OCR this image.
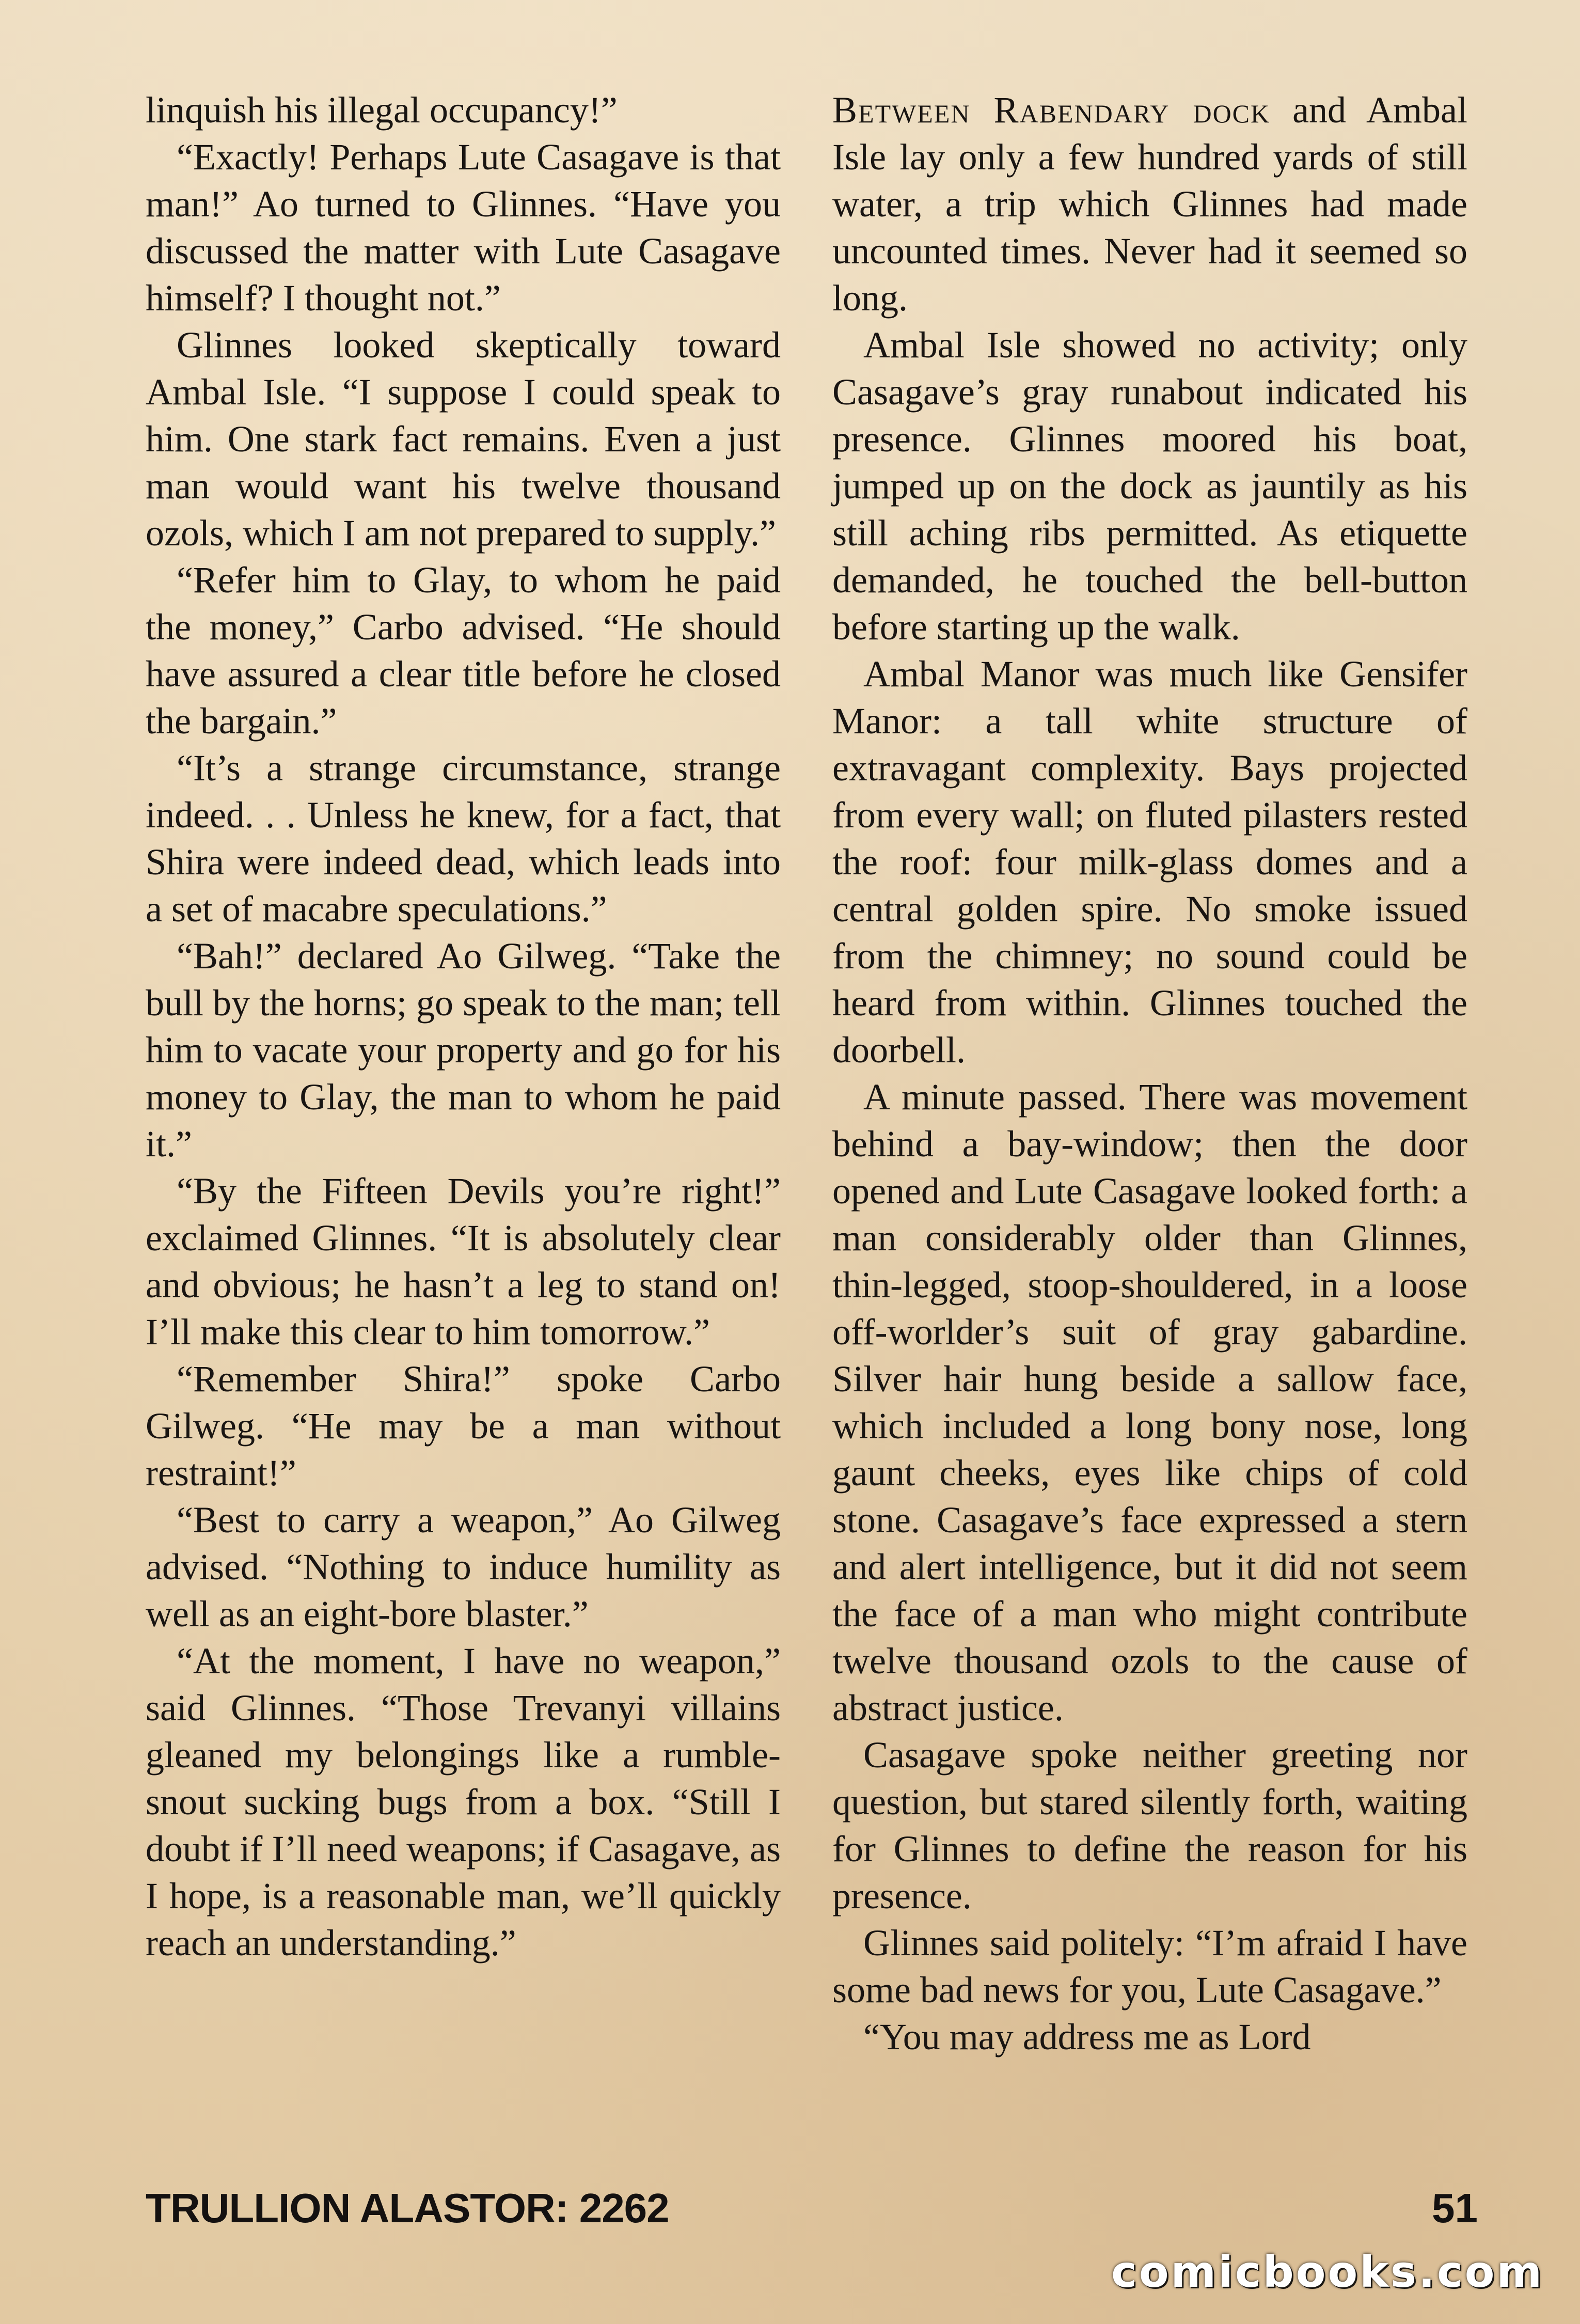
linquish his illegal occupancy!”

“Exactly! Perhaps Lute Casagave is that man!” Ao turned to Glinnes. “Have you discussed the matter with Lute Casagave himself? I thought not.”

Glinnes looked skeptically toward Ambal Isle. “I suppose I could speak to him. One stark fact remains. Even a just man would want his twelve thousand ozols, which I am not prepared to supply.”

“Refer him to Glay, to whom he paid the money,” Carbo advised. “He should have assured a clear title before he closed the bargain.”

“It’s a strange circumstance, strange indeed. . . Unless he knew, for a fact, that Shira were indeed dead, which leads into a set of macabre speculations.”

“Bah!” declared Ao Gilweg. “Take the bull by the horns; go speak to the man; tell him to vacate your property and go for his money to Glay, the man to whom he paid it.”

“By the Fifteen Devils you’re right!” exclaimed Glinnes. “It is absolutely clear and obvious; he hasn’t a leg to stand on! I’ll make this clear to him tomorrow.”

“Remember Shira!” spoke Carbo Gilweg. “He may be a man without restraint!”

“Best to carry a weapon,” Ao Gilweg advised. “Nothing to induce humility as well as an eight-bore blaster.”

“At the moment, I have no weapon,” said Glinnes. “Those Trevanyi villains gleaned my belongings like a rumble-snout sucking bugs from a box. “Still I doubt if I’ll need weapons; if Casagave, as I hope, is a reasonable man, we’ll quickly reach an understanding.”

Between Rabendary dock and Ambal Isle lay only a few hundred yards of still water, a trip which Glinnes had made uncounted times. Never had it seemed so long.

Ambal Isle showed no activity; only Casagave’s gray runabout indicated his presence. Glinnes moored his boat, jumped up on the dock as jauntily as his still aching ribs permitted. As etiquette demanded, he touched the bell-button before starting up the walk.

Ambal Manor was much like Gensifer Manor: a tall white structure of extravagant complexity. Bays projected from every wall; on fluted pilasters rested the roof: four milk-glass domes and a central golden spire. No smoke issued from the chimney; no sound could be heard from within. Glinnes touched the doorbell.

A minute passed. There was movement behind a bay-window; then the door opened and Lute Casagave looked forth: a man considerably older than Glinnes, thin-legged, stoop-shouldered, in a loose off-worlder’s suit of gray gabardine. Silver hair hung beside a sallow face, which included a long bony nose, long gaunt cheeks, eyes like chips of cold stone. Casagave’s face expressed a stern and alert intelligence, but it did not seem the face of a man who might contribute twelve thousand ozols to the cause of abstract justice.

Casagave spoke neither greeting nor question, but stared silently forth, waiting for Glinnes to define the reason for his presence.

Glinnes said politely: “I’m afraid I have some bad news for you, Lute Casagave.”

“You may address me as Lord

TRULLION ALASTOR: 2262	51
comicbooks.com
